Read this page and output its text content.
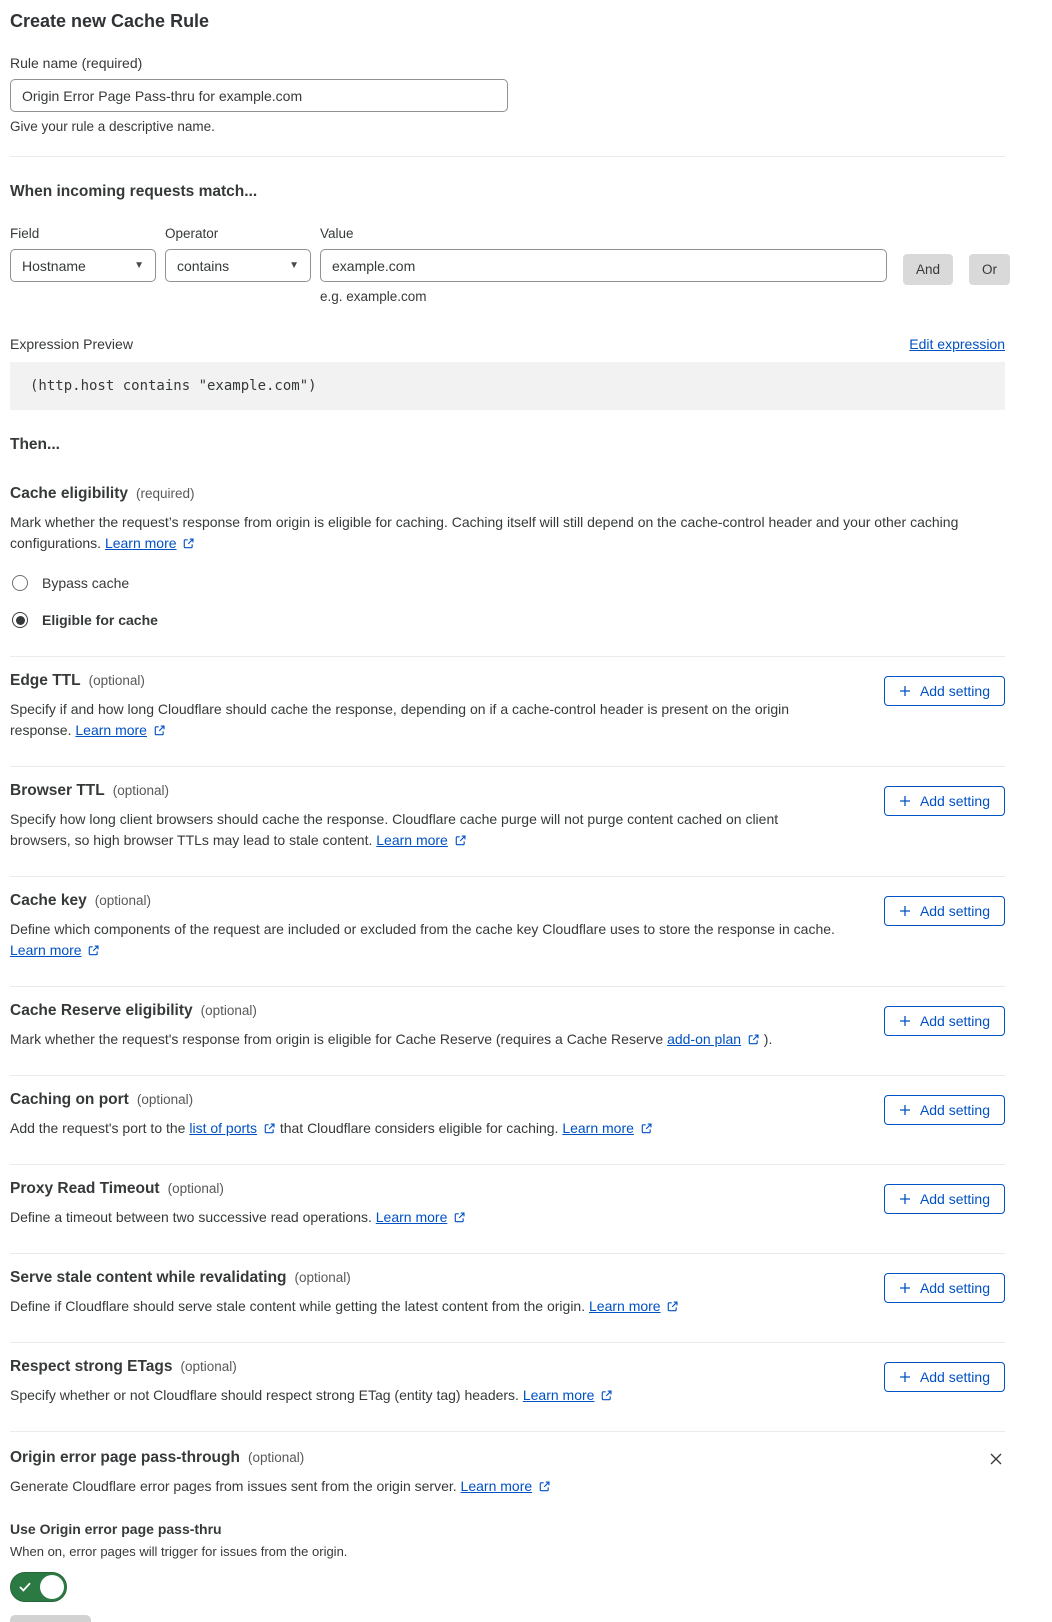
Create new Cache Rule
Rule name (required)
Origin Error Page Pass-thru for example.com
Give your rule a descriptive name.
When incoming requests match...
Field
Hostname	▼
Operator
contains	▼
Value
example.com
e.g. example.com
And	Or
Expression Preview	Edit expression
(http.host contains "example.com")
Then...
Cache eligibility (required)

Mark whether the request’s response from origin is eligible for caching. Caching itself will still depend on the cache-control header and your other caching configurations. Learn more

Bypass cache
Eligible for cache
Edge TTL (optional)

Specify if and how long Cloudflare should cache the response, depending on if a cache-control header is present on the origin response. Learn more

Add setting
Browser TTL (optional)

Specify how long client browsers should cache the response. Cloudflare cache purge will not purge content cached on client browsers, so high browser TTLs may lead to stale content. Learn more

Add setting
Cache key (optional)

Define which components of the request are included or excluded from the cache key Cloudflare uses to store the response in cache. Learn more

Add setting
Cache Reserve eligibility (optional)

Mark whether the request's response from origin is eligible for Cache Reserve (requires a Cache Reserve add-on plan  ).

Add setting
Caching on port (optional)

Add the request's port to the list of ports  that Cloudflare considers eligible for caching. Learn more

Add setting
Proxy Read Timeout (optional)

Define a timeout between two successive read operations. Learn more

Add setting
Serve stale content while revalidating (optional)

Define if Cloudflare should serve stale content while getting the latest content from the origin. Learn more

Add setting
Respect strong ETags (optional)

Specify whether or not Cloudflare should respect strong ETag (entity tag) headers. Learn more

Add setting
Origin error page pass-through (optional)

Generate Cloudflare error pages from issues sent from the origin server. Learn more

Use Origin error page pass-thru
When on, error pages will trigger for issues from the origin.
